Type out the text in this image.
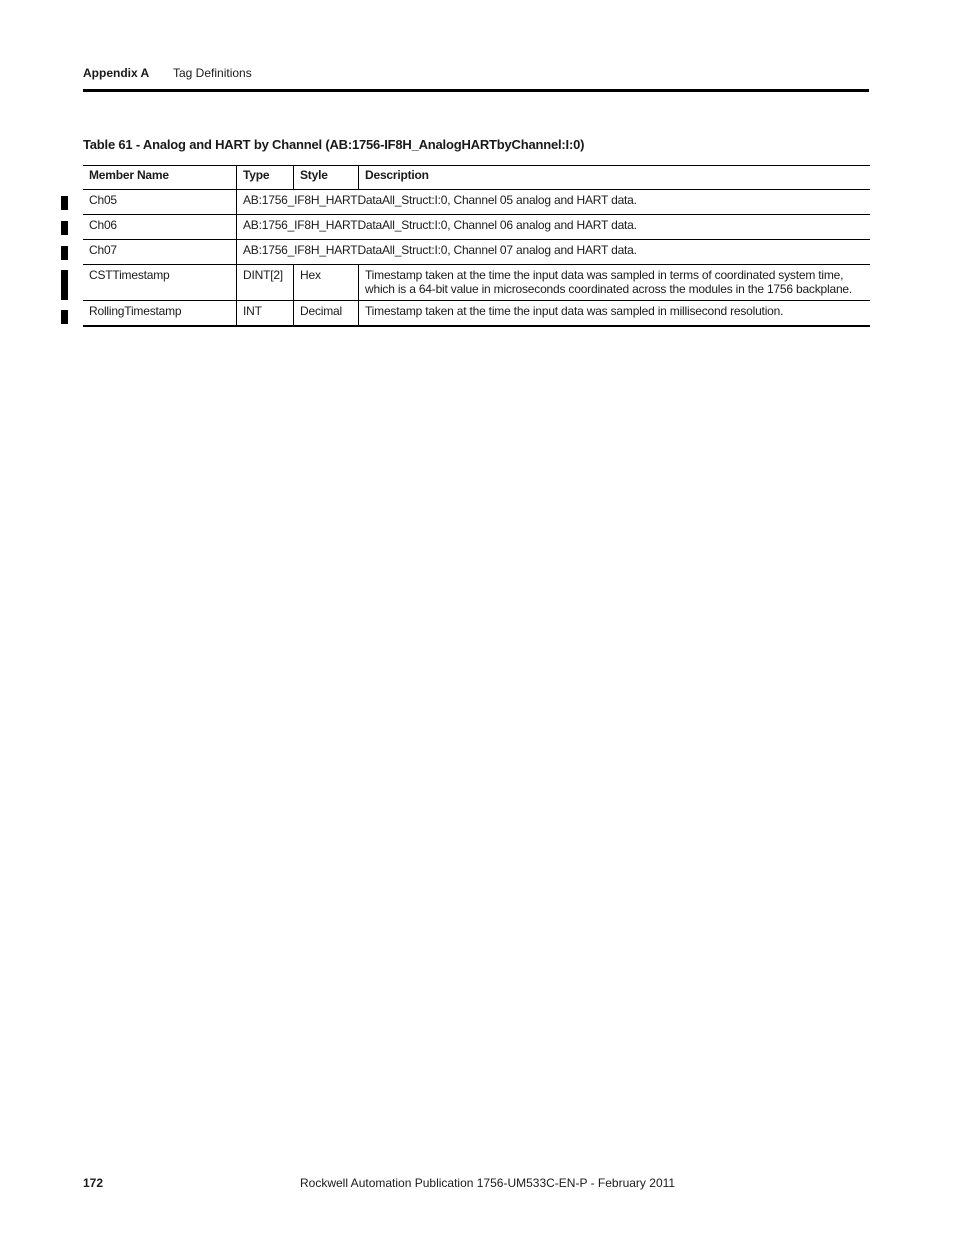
Appendix A Tag Definitions
Table 61 - Analog and HART by Channel (AB:1756-IF8H_AnalogHARTbyChannel:I:0)
Member Name	Type	Style	Description
Ch05	AB:1756_IF8H_HARTDataAll_Struct:I:0, Channel 05 analog and HART data.		
Ch06	AB:1756_IF8H_HARTDataAll_Struct:I:0, Channel 06 analog and HART data.		
Ch07	AB:1756_IF8H_HARTDataAll_Struct:I:0, Channel 07 analog and HART data.		
CSTTimestamp	DINT[2]	Hex	Timestamp taken at the time the input data was sampled in terms of coordinated system time,
which is a 64-bit value in microseconds coordinated across the modules in the 1756 backplane.

RollingTimestamp	INT	Decimal	Timestamp taken at the time the input data was sampled in millisecond resolution.
172	Rockwell Automation Publication 1756-UM533C-EN-P - February 2011
